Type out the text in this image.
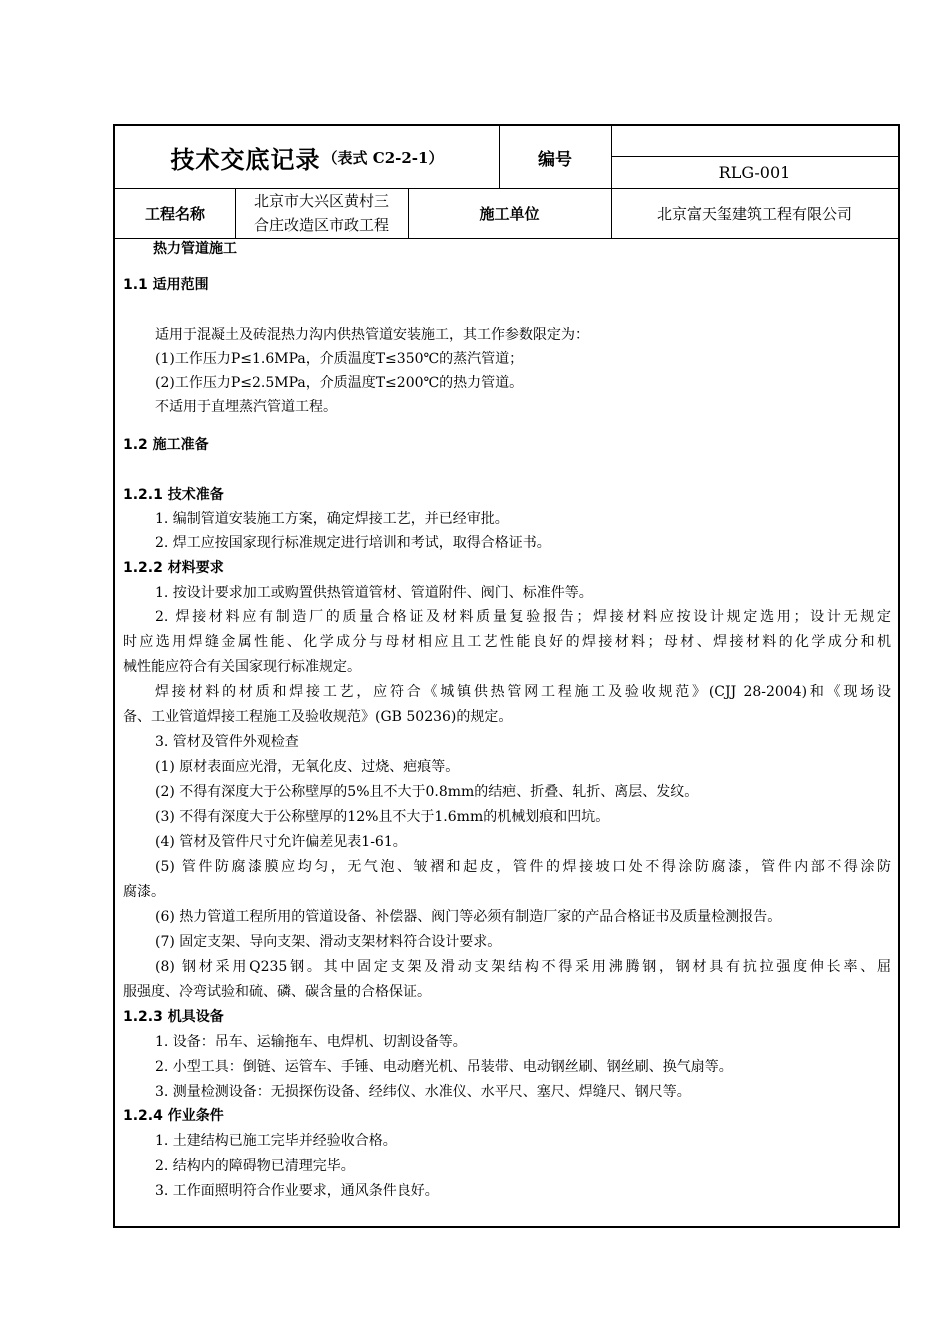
技术交底记录 （表式 C2-2-1）	编号
RLG-001
工程名称
北京市大兴区黄村三
合庄改造区市政工程
施工单位	北京富天玺建筑工程有限公司
热力管道施工
1.1 适用范围
适用于混凝土及砖混热力沟内供热管道安装施工，其工作参数限定为：
(1)工作压力P≤1.6MPa，介质温度T≤350℃的蒸汽管道；
(2)工作压力P≤2.5MPa，介质温度T≤200℃的热力管道。
不适用于直埋蒸汽管道工程。
1.2 施工准备
1.2.1 技术准备
1. 编制管道安装施工方案，确定焊接工艺，并已经审批。
2. 焊工应按国家现行标准规定进行培训和考试，取得合格证书。
1.2.2 材料要求
1. 按设计要求加工或购置供热管道管材、管道附件、阀门、标准件等。
2. 焊接材料应有制造厂的质量合格证及材料质量复验报告；焊接材料应按设计规定选用；设计无规定
时应选用焊缝金属性能、化学成分与母材相应且工艺性能良好的焊接材料；母材、焊接材料的化学成分和机
械性能应符合有关国家现行标准规定。
焊接材料的材质和焊接工艺，应符合《城镇供热管网工程施工及验收规范》(CJJ 28-2004)和《现场设
备、工业管道焊接工程施工及验收规范》(GB 50236)的规定。
3. 管材及管件外观检查
(1) 原材表面应光滑，无氧化皮、过烧、疤痕等。
(2) 不得有深度大于公称壁厚的5%且不大于0.8mm的结疤、折叠、轧折、离层、发纹。
(3) 不得有深度大于公称壁厚的12%且不大于1.6mm的机械划痕和凹坑。
(4) 管材及管件尺寸允许偏差见表1-61。
(5) 管件防腐漆膜应均匀，无气泡、皱褶和起皮，管件的焊接坡口处不得涂防腐漆，管件内部不得涂防
腐漆。
(6) 热力管道工程所用的管道设备、补偿器、阀门等必须有制造厂家的产品合格证书及质量检测报告。
(7) 固定支架、导向支架、滑动支架材料符合设计要求。
(8) 钢材采用Q235钢。其中固定支架及滑动支架结构不得采用沸腾钢，钢材具有抗拉强度伸长率、屈
服强度、冷弯试验和硫、磷、碳含量的合格保证。
1.2.3 机具设备
1. 设备：吊车、运输拖车、电焊机、切割设备等。
2. 小型工具：倒链、运管车、手锤、电动磨光机、吊装带、电动钢丝刷、钢丝刷、换气扇等。
3. 测量检测设备：无损探伤设备、经纬仪、水准仪、水平尺、塞尺、焊缝尺、钢尺等。
1.2.4 作业条件
1. 土建结构已施工完毕并经验收合格。
2. 结构内的障碍物已清理完毕。
3. 工作面照明符合作业要求，通风条件良好。
